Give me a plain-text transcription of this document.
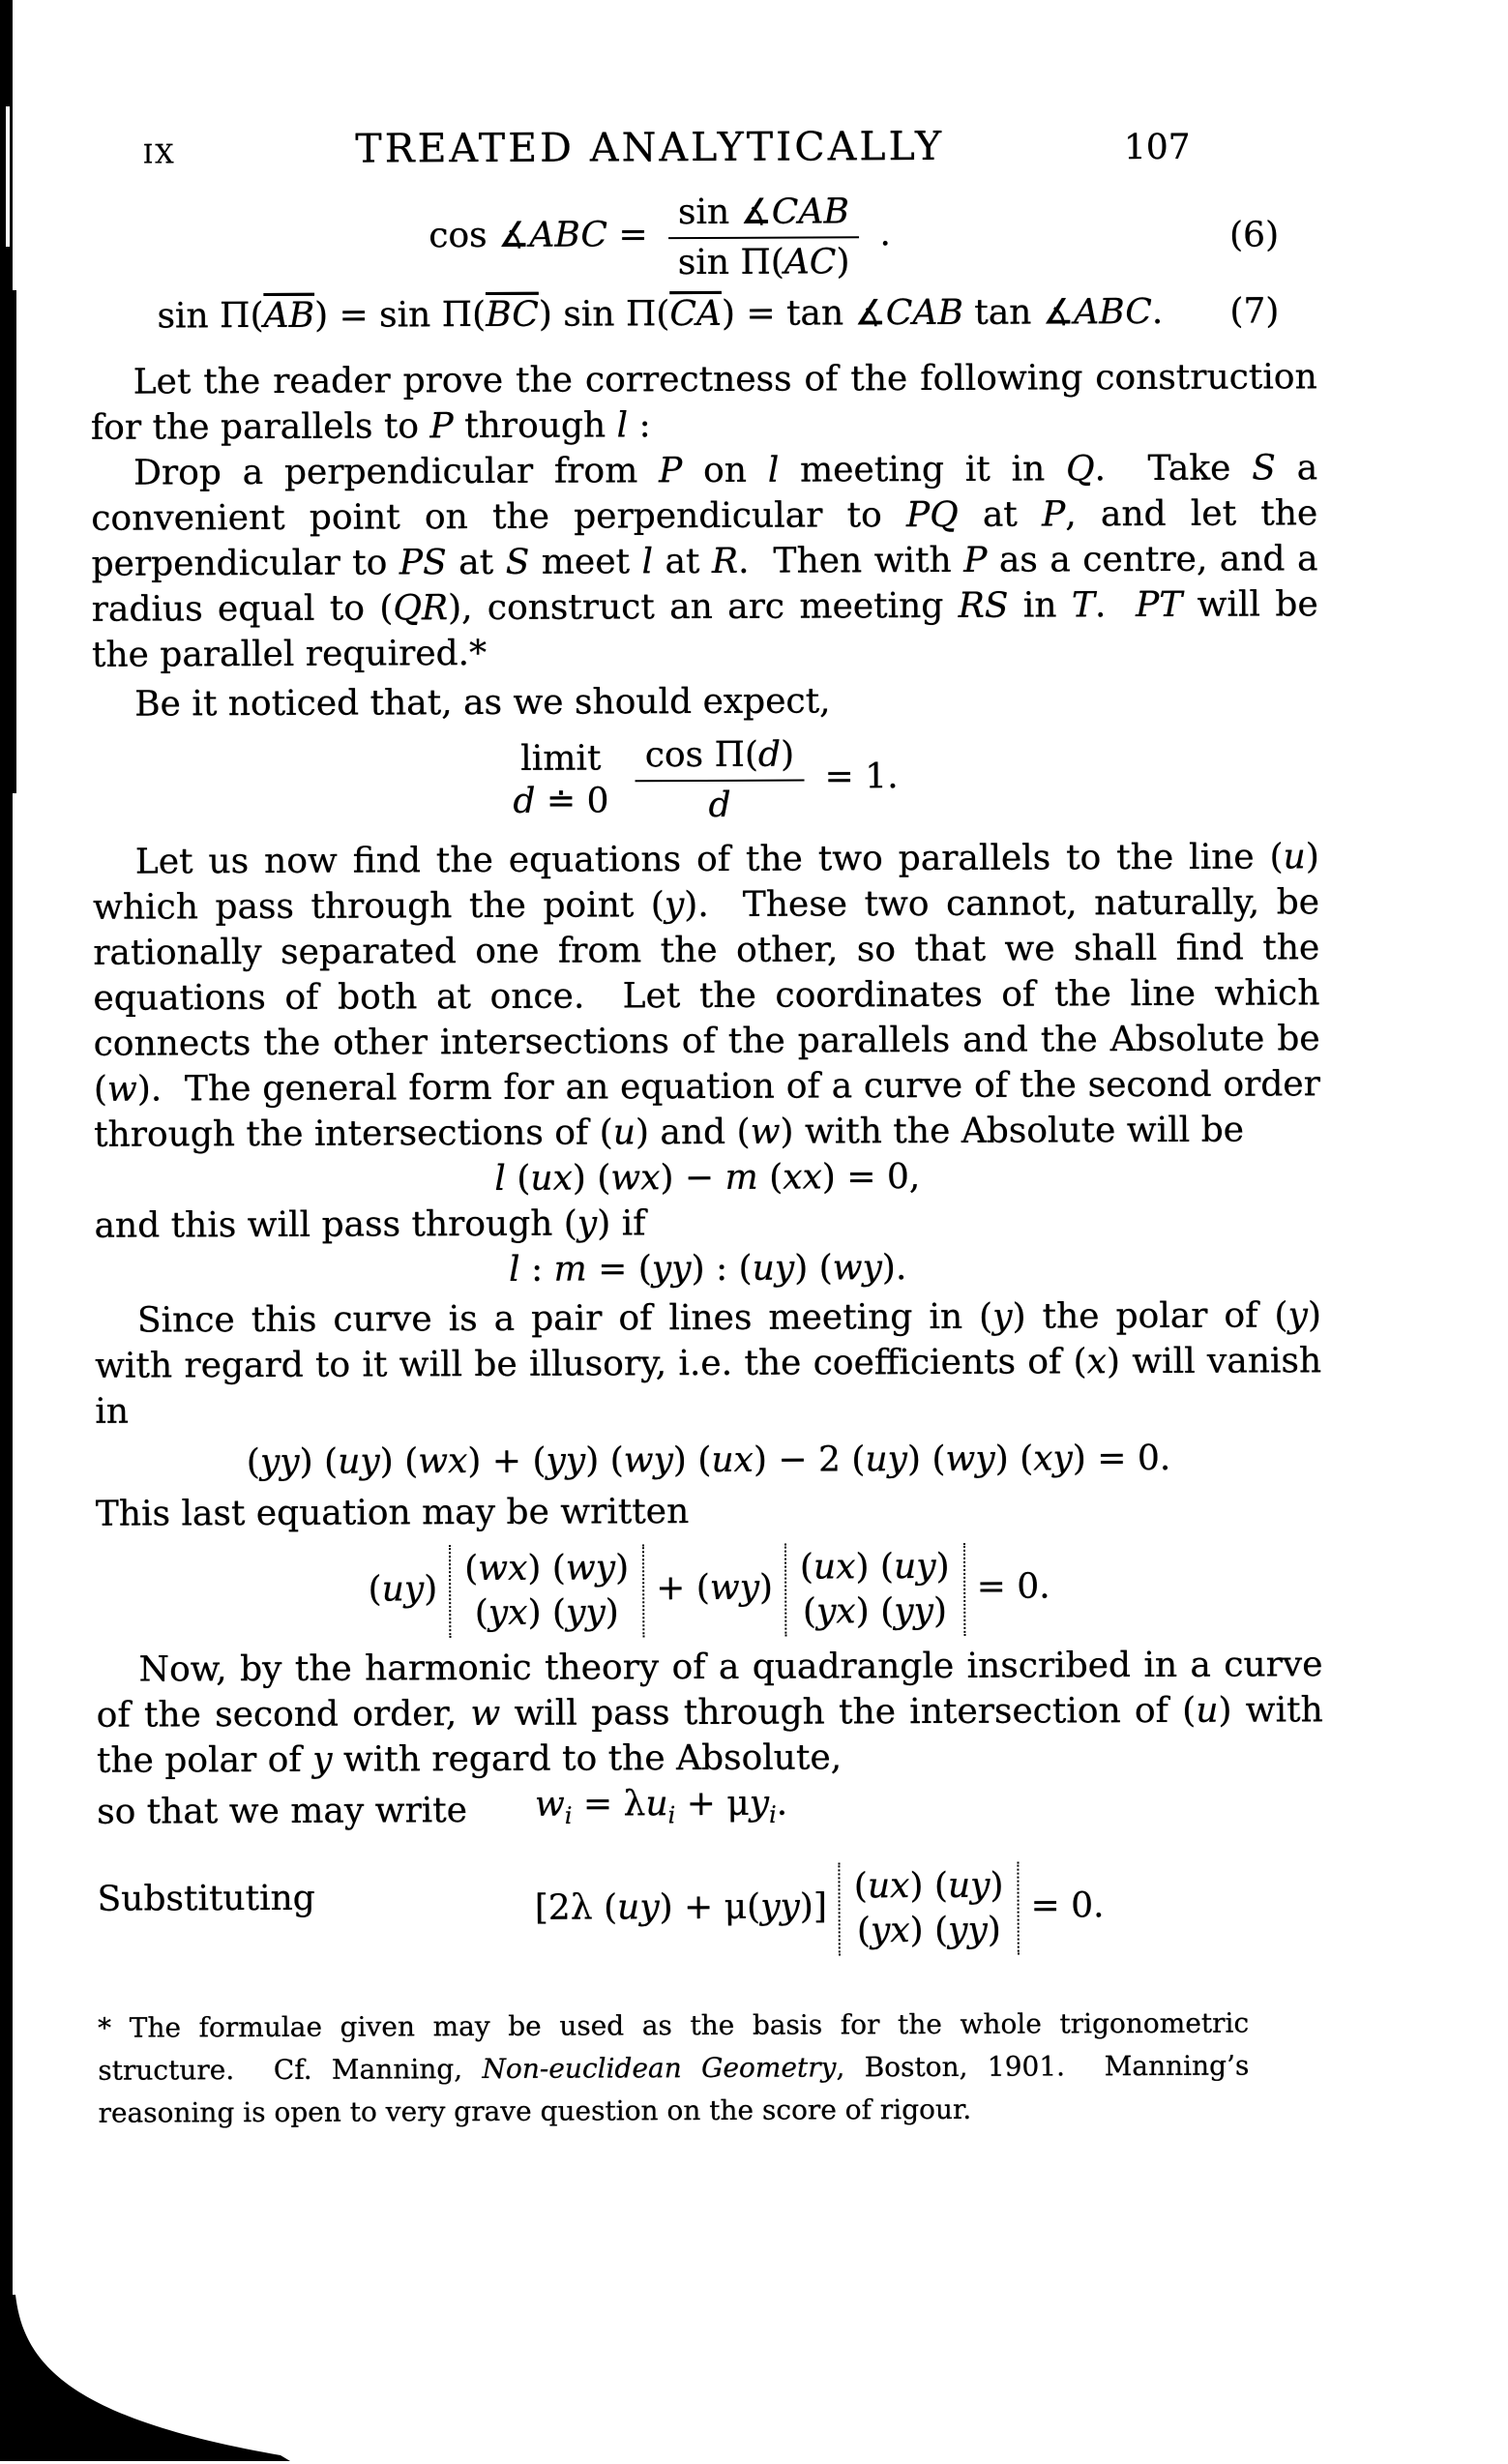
IX	TREATED ANALYTICALLY	107
cos ∡ABC = $\frac{\text{sin ∡CAB}}{\text{sin Π(AC)}}$ .	(6)
$\sin \Pi(\overline{AB}) = \sin \Pi(\overline{BC})$ $\sin \Pi(\overline{CA}) = \tan$ ∡CAB tan ∡ABC.	(7)

Let the reader prove the correctness of the following construction for the parallels to P through l :

Drop a perpendicular from P on l meeting it in Q.  Take S a convenient point on the perpendicular to PQ at P, and let the perpendicular to PS at S meet l at R.  Then with P as a centre, and a radius equal to (QR), construct an arc meeting RS in T.  PT will be the parallel required.*

Be it noticed that, as we should expect,

limit
d ≐ 0
$\frac{\text{cos Π(d)}}{d} = 1$.

Let us now find the equations of the two parallels to the line (u) which pass through the point (y).  These two cannot, naturally, be rationally separated one from the other, so that we shall find the equations of both at once.  Let the coordinates of the line which connects the other intersections of the parallels and the Absolute be (w).  The general form for an equation of a curve of the second order through the intersections of (u) and (w) with the Absolute will be

l (ux) (wx) − m (xx) = 0,

and this will pass through (y) if

l : m = (yy) : (uy) (wy).

Since this curve is a pair of lines meeting in (y) the polar of (y) with regard to it will be illusory, i.e. the coefficients of (x) will vanish in

(yy) (uy) (wx) + (yy) (wy) (ux) − 2 (uy) (wy) (xy) = 0.

This last equation may be written

(uy)
(wx) (wy)
(yx) (yy)
+ (wy)
(ux) (uy)
(yx) (yy)
= 0.

Now, by the harmonic theory of a quadrangle inscribed in a curve of the second order, w will pass through the intersection of (u) with the polar of y with regard to the Absolute,

so that we may write $w_i = \lambda u_i + \mu y_i$.
Substituting	[2λ (uy) + μ(yy)]
(ux) (uy)
(yx) (yy)
= 0.

* The formulae given may be used as the basis for the whole trigonometric structure.  Cf. Manning, Non-euclidean Geometry, Boston, 1901.  Manning’s reasoning is open to very grave question on the score of rigour.
